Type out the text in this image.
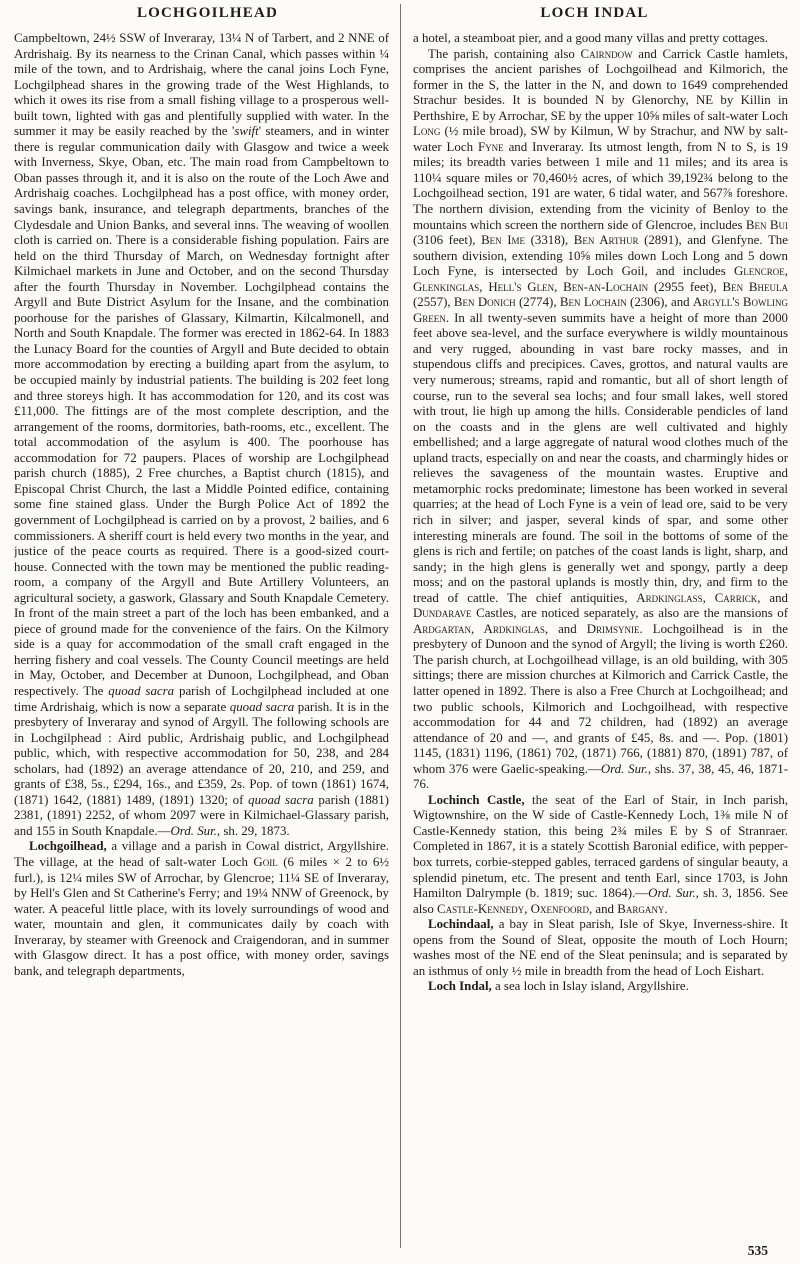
LOCHGOILHEAD	LOCH INDAL

Campbeltown, 24½ SSW of Inveraray, 13¼ N of Tarbert, and 2 NNE of Ardrishaig. By its nearness to the Crinan Canal, which passes within ¼ mile of the town, and to Ardrishaig, where the canal joins Loch Fyne, Lochgilphead shares in the growing trade of the West Highlands, to which it owes its rise from a small fishing village to a prosperous well-built town, lighted with gas and plentifully supplied with water. In the summer it may be easily reached by the 'swift' steamers, and in winter there is regular communication daily with Glasgow and twice a week with Inverness, Skye, Oban, etc. The main road from Campbeltown to Oban passes through it, and it is also on the route of the Loch Awe and Ardrishaig coaches. Lochgilphead has a post office, with money order, savings bank, insurance, and telegraph departments, branches of the Clydesdale and Union Banks, and several inns. The weaving of woollen cloth is carried on. There is a considerable fishing population. Fairs are held on the third Thursday of March, on Wednesday fortnight after Kilmichael markets in June and October, and on the second Thursday after the fourth Thursday in November. Lochgilphead contains the Argyll and Bute District Asylum for the Insane, and the combination poorhouse for the parishes of Glassary, Kilmartin, Kilcalmonell, and North and South Knapdale. The former was erected in 1862-64. In 1883 the Lunacy Board for the counties of Argyll and Bute decided to obtain more accommodation by erecting a building apart from the asylum, to be occupied mainly by industrial patients. The building is 202 feet long and three storeys high. It has accommodation for 120, and its cost was £11,000. The fittings are of the most complete description, and the arrangement of the rooms, dormitories, bath-rooms, etc., excellent. The total accommodation of the asylum is 400. The poorhouse has accommodation for 72 paupers. Places of worship are Lochgilphead parish church (1885), 2 Free churches, a Baptist church (1815), and Episcopal Christ Church, the last a Middle Pointed edifice, containing some fine stained glass. Under the Burgh Police Act of 1892 the government of Lochgilphead is carried on by a provost, 2 bailies, and 6 commissioners. A sheriff court is held every two months in the year, and justice of the peace courts as required. There is a good-sized court-house. Connected with the town may be mentioned the public reading-room, a company of the Argyll and Bute Artillery Volunteers, an agricultural society, a gaswork, Glassary and South Knapdale Cemetery. In front of the main street a part of the loch has been embanked, and a piece of ground made for the convenience of the fairs. On the Kilmory side is a quay for accommodation of the small craft engaged in the herring fishery and coal vessels. The County Council meetings are held in May, October, and December at Dunoon, Lochgilphead, and Oban respectively. The quoad sacra parish of Lochgilphead included at one time Ardrishaig, which is now a separate quoad sacra parish. It is in the presbytery of Inveraray and synod of Argyll. The following schools are in Lochgilphead : Aird public, Ardrishaig public, and Lochgilphead public, which, with respective accommodation for 50, 238, and 284 scholars, had (1892) an average attendance of 20, 210, and 259, and grants of £38, 5s., £294, 16s., and £359, 2s. Pop. of town (1861) 1674, (1871) 1642, (1881) 1489, (1891) 1320; of quoad sacra parish (1881) 2381, (1891) 2252, of whom 2097 were in Kilmichael-Glassary parish, and 155 in South Knapdale.—Ord. Sur., sh. 29, 1873.

Lochgoilhead, a village and a parish in Cowal district, Argyllshire. The village, at the head of salt-water Loch Goil (6 miles × 2 to 6½ furl.), is 12¼ miles SW of Arrochar, by Glencroe; 11¼ SE of Inveraray, by Hell's Glen and St Catherine's Ferry; and 19¼ NNW of Greenock, by water. A peaceful little place, with its lovely surroundings of wood and water, mountain and glen, it communicates daily by coach with Inveraray, by steamer with Greenock and Craigendoran, and in summer with Glasgow direct. It has a post office, with money order, savings bank, and telegraph departments,

a hotel, a steamboat pier, and a good many villas and pretty cottages.

The parish, containing also Cairndow and Carrick Castle hamlets, comprises the ancient parishes of Lochgoilhead and Kilmorich, the former in the S, the latter in the N, and down to 1649 comprehended Strachur besides. It is bounded N by Glenorchy, NE by Killin in Perthshire, E by Arrochar, SE by the upper 10⅝ miles of salt-water Loch Long (½ mile broad), SW by Kilmun, W by Strachur, and NW by salt-water Loch Fyne and Inveraray. Its utmost length, from N to S, is 19 miles; its breadth varies between 1 mile and 11 miles; and its area is 110¼ square miles or 70,460½ acres, of which 39,192¾ belong to the Lochgoilhead section, 191 are water, 6 tidal water, and 567⅞ foreshore. The northern division, extending from the vicinity of Benloy to the mountains which screen the northern side of Glencroe, includes Ben Bui (3106 feet), Ben Ime (3318), Ben Arthur (2891), and Glenfyne. The southern division, extending 10⅝ miles down Loch Long and 5 down Loch Fyne, is intersected by Loch Goil, and includes Glencroe, Glenkinglas, Hell's Glen, Ben-an-Lochain (2955 feet), Ben Bheula (2557), Ben Donich (2774), Ben Lochain (2306), and Argyll's Bowling Green. In all twenty-seven summits have a height of more than 2000 feet above sea-level, and the surface everywhere is wildly mountainous and very rugged, abounding in vast bare rocky masses, and in stupendous cliffs and precipices. Caves, grottos, and natural vaults are very numerous; streams, rapid and romantic, but all of short length of course, run to the several sea lochs; and four small lakes, well stored with trout, lie high up among the hills. Considerable pendicles of land on the coasts and in the glens are well cultivated and highly embellished; and a large aggregate of natural wood clothes much of the upland tracts, especially on and near the coasts, and charmingly hides or relieves the savageness of the mountain wastes. Eruptive and metamorphic rocks predominate; limestone has been worked in several quarries; at the head of Loch Fyne is a vein of lead ore, said to be very rich in silver; and jasper, several kinds of spar, and some other interesting minerals are found. The soil in the bottoms of some of the glens is rich and fertile; on patches of the coast lands is light, sharp, and sandy; in the high glens is generally wet and spongy, partly a deep moss; and on the pastoral uplands is mostly thin, dry, and firm to the tread of cattle. The chief antiquities, Ardkinglass, Carrick, and Dundarave Castles, are noticed separately, as also are the mansions of Ardgartan, Ardkinglas, and Drimsynie. Lochgoilhead is in the presbytery of Dunoon and the synod of Argyll; the living is worth £260. The parish church, at Lochgoilhead village, is an old building, with 305 sittings; there are mission churches at Kilmorich and Carrick Castle, the latter opened in 1892. There is also a Free Church at Lochgoilhead; and two public schools, Kilmorich and Lochgoilhead, with respective accommodation for 44 and 72 children, had (1892) an average attendance of 20 and —, and grants of £45, 8s. and —. Pop. (1801) 1145, (1831) 1196, (1861) 702, (1871) 766, (1881) 870, (1891) 787, of whom 376 were Gaelic-speaking.—Ord. Sur., shs. 37, 38, 45, 46, 1871-76.

Lochinch Castle, the seat of the Earl of Stair, in Inch parish, Wigtownshire, on the W side of Castle-Kennedy Loch, 1⅜ mile N of Castle-Kennedy station, this being 2¾ miles E by S of Stranraer. Completed in 1867, it is a stately Scottish Baronial edifice, with pepper-box turrets, corbie-stepped gables, terraced gardens of singular beauty, a splendid pinetum, etc. The present and tenth Earl, since 1703, is John Hamilton Dalrymple (b. 1819; suc. 1864).—Ord. Sur., sh. 3, 1856. See also Castle-Kennedy, Oxenfoord, and Bargany.

Lochindaal, a bay in Sleat parish, Isle of Skye, Inverness-shire. It opens from the Sound of Sleat, opposite the mouth of Loch Hourn; washes most of the NE end of the Sleat peninsula; and is separated by an isthmus of only ½ mile in breadth from the head of Loch Eishart.

Loch Indal, a sea loch in Islay island, Argyllshire.

535
